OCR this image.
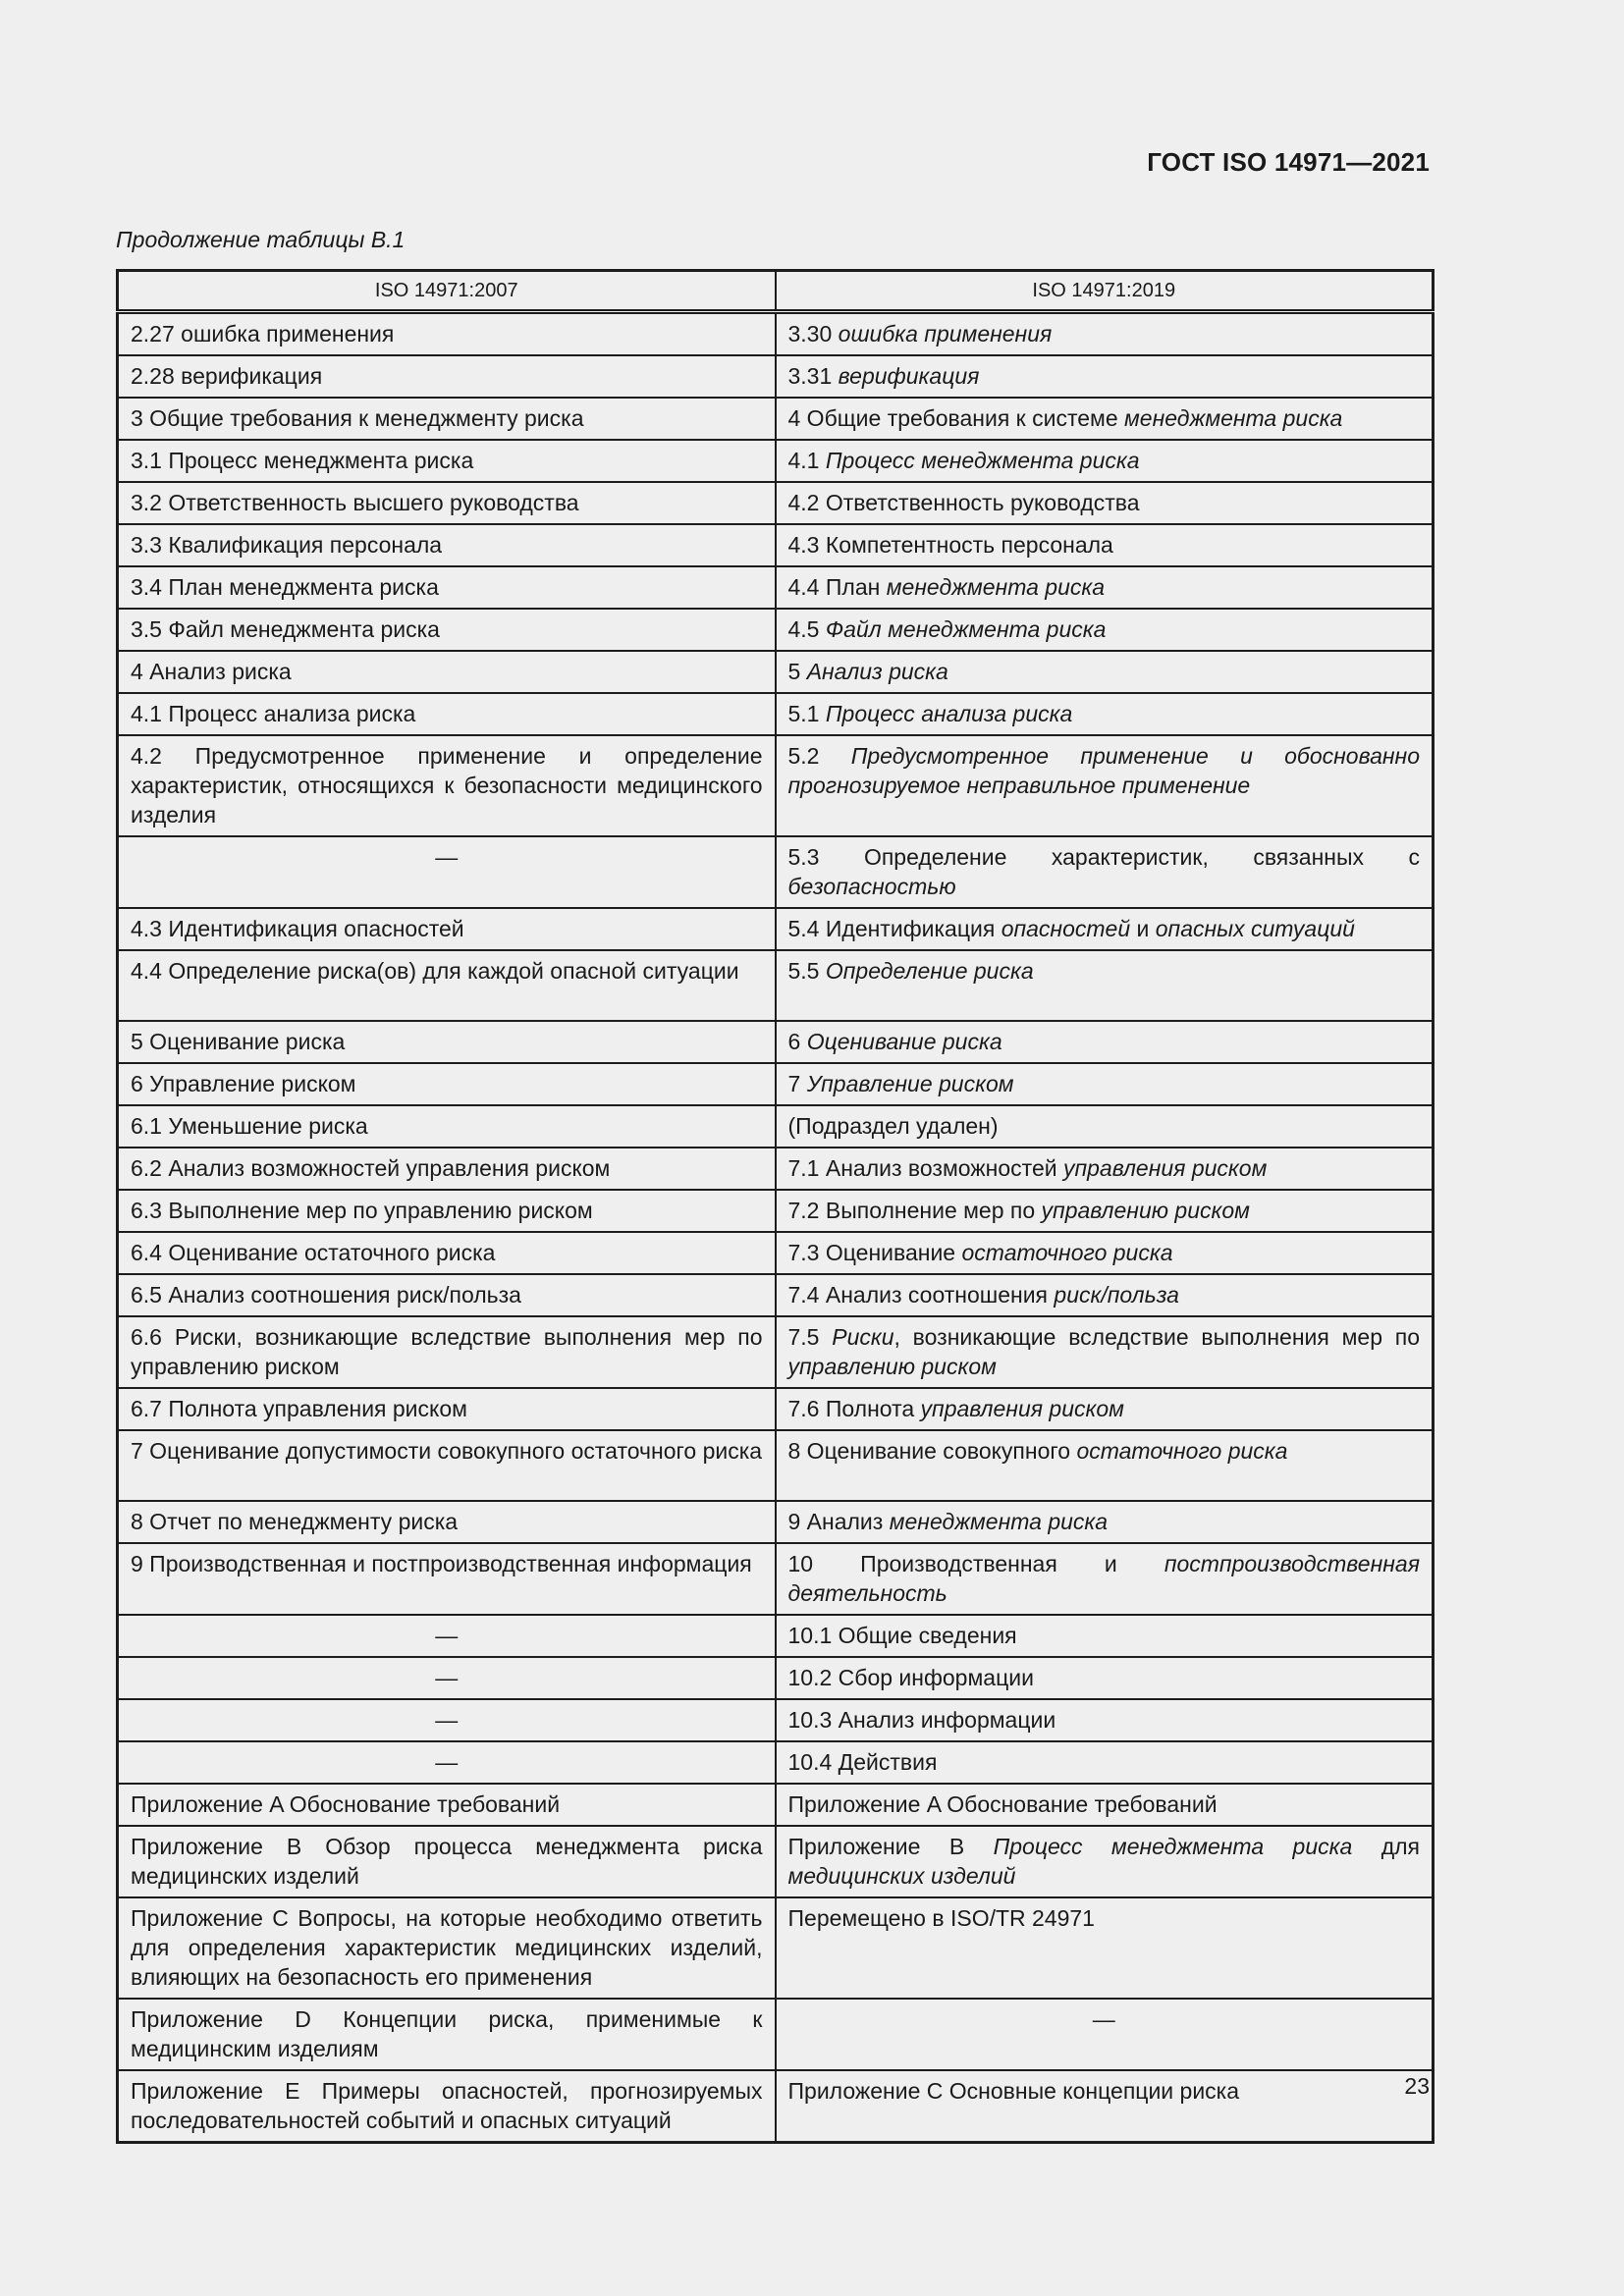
ГОСТ ISO 14971—2021
Продолжение таблицы B.1
ISO 14971:2007	ISO 14971:2019
2.27 ошибка применения	3.30 ошибка применения
2.28 верификация	3.31 верификация
3 Общие требования к менеджменту риска	4 Общие требования к системе менеджмента риска
3.1 Процесс менеджмента риска	4.1 Процесс менеджмента риска
3.2 Ответственность высшего руководства	4.2 Ответственность руководства
3.3 Квалификация персонала	4.3 Компетентность персонала
3.4 План менеджмента риска	4.4 План менеджмента риска
3.5 Файл менеджмента риска	4.5 Файл менеджмента риска
4 Анализ риска	5 Анализ риска
4.1 Процесс анализа риска	5.1 Процесс анализа риска
4.2 Предусмотренное применение и определение характеристик, относящихся к безопасности медицинского изделия	5.2 Предусмотренное применение и обоснованно прогнозируемое неправильное применение
—	5.3 Определение характеристик, связанных с безопасностью
4.3 Идентификация опасностей	5.4 Идентификация опасностей и опасных ситуаций
4.4 Определение риска(ов) для каждой опасной ситуации	5.5 Определение риска
5 Оценивание риска	6 Оценивание риска
6 Управление риском	7 Управление риском
6.1 Уменьшение риска	(Подраздел удален)
6.2 Анализ возможностей управления риском	7.1 Анализ возможностей управления риском
6.3 Выполнение мер по управлению риском	7.2 Выполнение мер по управлению риском
6.4 Оценивание остаточного риска	7.3 Оценивание остаточного риска
6.5 Анализ соотношения риск/польза	7.4 Анализ соотношения риск/польза
6.6 Риски, возникающие вследствие выполнения мер по управлению риском	7.5 Риски, возникающие вследствие выполнения мер по управлению риском
6.7 Полнота управления риском	7.6 Полнота управления риском
7 Оценивание допустимости совокупного остаточного риска	8 Оценивание совокупного остаточного риска
8 Отчет по менеджменту риска	9 Анализ менеджмента риска
9 Производственная и постпроизводственная информация	10 Производственная и постпроизводственная деятельность
—	10.1 Общие сведения
—	10.2 Сбор информации
—	10.3 Анализ информации
—	10.4 Действия
Приложение A Обоснование требований	Приложение A Обоснование требований
Приложение B Обзор процесса менеджмента риска медицинских изделий	Приложение B Процесс менеджмента риска для медицинских изделий
Приложение C Вопросы, на которые необходимо ответить для определения характеристик медицинских изделий, влияющих на безопасность его применения	Перемещено в ISO/TR 24971
Приложение D Концепции риска, применимые к медицинским изделиям	—
Приложение E Примеры опасностей, прогнозируемых последовательностей событий и опасных ситуаций	Приложение C Основные концепции риска	23
